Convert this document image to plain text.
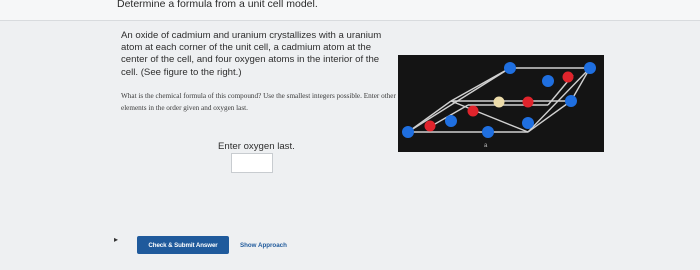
Determine a formula from a unit cell model.
An oxide of cadmium and uranium crystallizes with a uranium atom at each corner of the unit cell, a cadmium atom at the center of the cell, and four oxygen atoms in the interior of the cell. (See figure to the right.)
What is the chemical formula of this compound? Use the smallest integers possible. Enter other elements in the order given and oxygen last.
a
Enter oxygen last.
▸
Check & Submit Answer	Show Approach
